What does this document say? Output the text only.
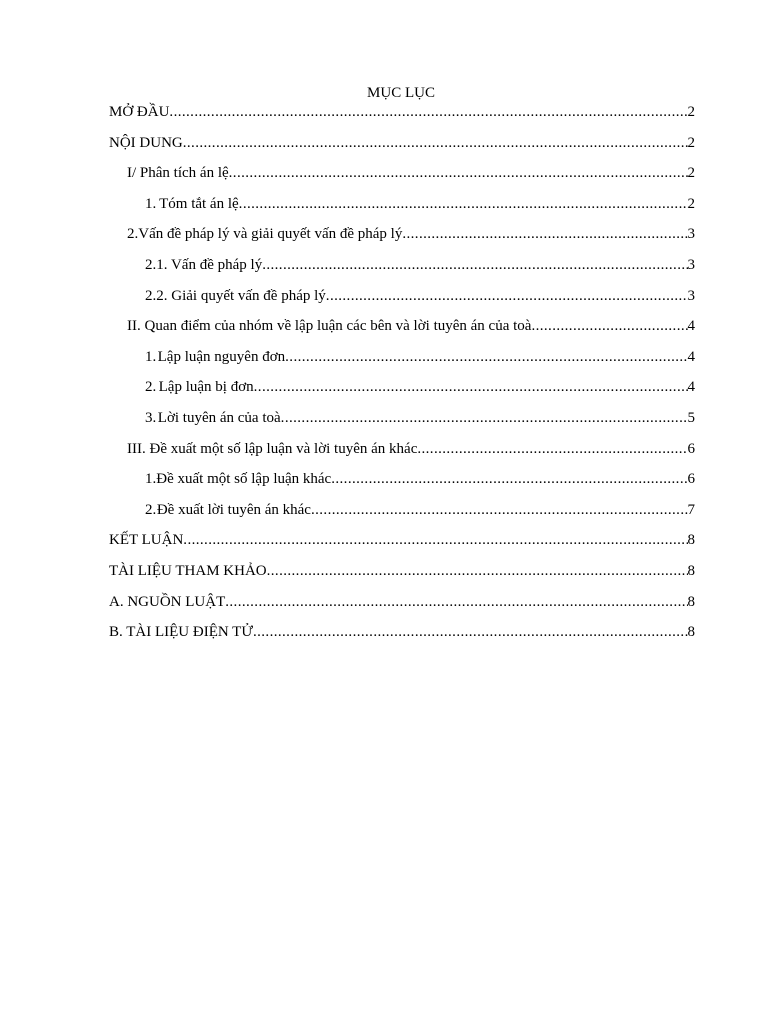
MỤC LỤC
MỞ ĐẦU .....	2
NỘI DUNG .....	2
I/ Phân tích án lệ .....	2
1. Tóm tắt án lệ .....	2
2. Vấn đề pháp lý và giải quyết vấn đề pháp lý .....	3
2.1. Vấn đề pháp lý .....	3
2.2. Giải quyết vấn đề pháp lý .....	3
II. Quan điểm của nhóm về lập luận các bên và lời tuyên án của toà .....	4
1. Lập luận nguyên đơn .....	4
2. Lập luận bị đơn .....	4
3. Lời tuyên án của toà .....	5
III. Đề xuất một số lập luận và lời tuyên án khác .....	6
1. Đề xuất một số lập luận khác .....	6
2. Đề xuất lời tuyên án khác .....	7
KẾT LUẬN .....	8
TÀI LIỆU THAM KHẢO .....	8
A. NGUỒN LUẬT .....	8
B. TÀI LIỆU ĐIỆN TỬ .....	8
